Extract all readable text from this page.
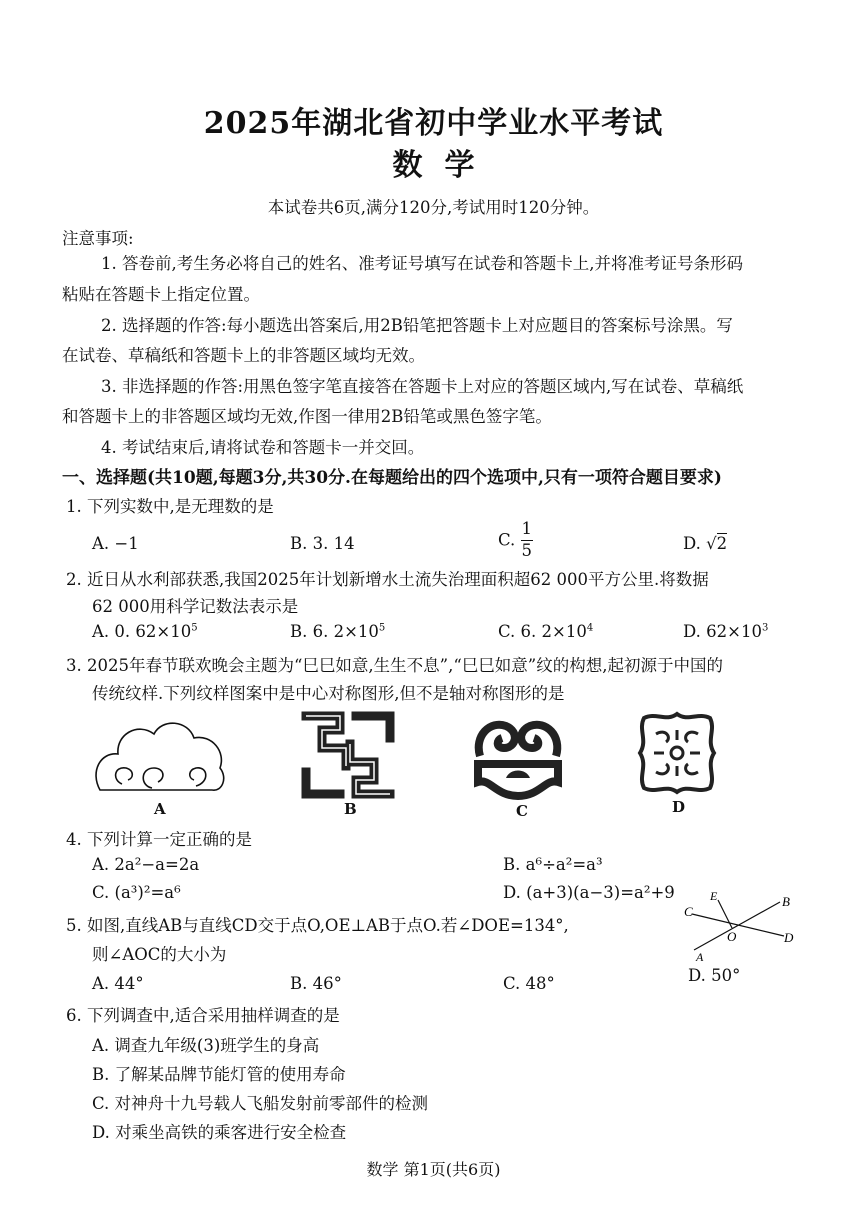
2025年湖北省初中学业水平考试
数学
本试卷共6页,满分120分,考试用时120分钟。
注意事项:
1. 答卷前,考生务必将自己的姓名、准考证号填写在试卷和答题卡上,并将准考证号条形码
粘贴在答题卡上指定位置。
2. 选择题的作答:每小题选出答案后,用2B铅笔把答题卡上对应题目的答案标号涂黑。写
在试卷、草稿纸和答题卡上的非答题区域均无效。
3. 非选择题的作答:用黑色签字笔直接答在答题卡上对应的答题区域内,写在试卷、草稿纸
和答题卡上的非答题区域均无效,作图一律用2B铅笔或黑色签字笔。
4. 考试结束后,请将试卷和答题卡一并交回。
一、选择题(共10题,每题3分,共30分.在每题给出的四个选项中,只有一项符合题目要求)
1. 下列实数中,是无理数的是
A. −1	B. 3. 14	C. $\frac{1}{5}$	D. √2
2. 近日从水利部获悉,我国2025年计划新增水土流失治理面积超62 000平方公里.将数据
62 000用科学记数法表示是
A. 0. $62\times 10^5$	B. 6. $2\times 10^5$	C. 6. $2\times 10^4$	D. $62\times 10^3$
3. 2025年春节联欢晚会主题为“巳巳如意,生生不息”,“巳巳如意”纹的构想,起初源于中国的
传统纹样.下列纹样图案中是中心对称图形,但不是轴对称图形的是
A	B	C	D
4. 下列计算一定正确的是
A. 2a²−a=2a	B. a⁶÷a²=a³
C. (a³)²=a⁶	D. (a+3)(a−3)=a²+9
5. 如图,直线AB与直线CD交于点O,OE⊥AB于点O.若∠DOE=134°,
则∠AOC的大小为
A. 44°	B. 46°	C. 48°	D. 50°
E	B
C
O	D
A
6. 下列调查中,适合采用抽样调查的是
A. 调查九年级(3)班学生的身高
B. 了解某品牌节能灯管的使用寿命
C. 对神舟十九号载人飞船发射前零部件的检测
D. 对乘坐高铁的乘客进行安全检查
数学 第1页(共6页)
